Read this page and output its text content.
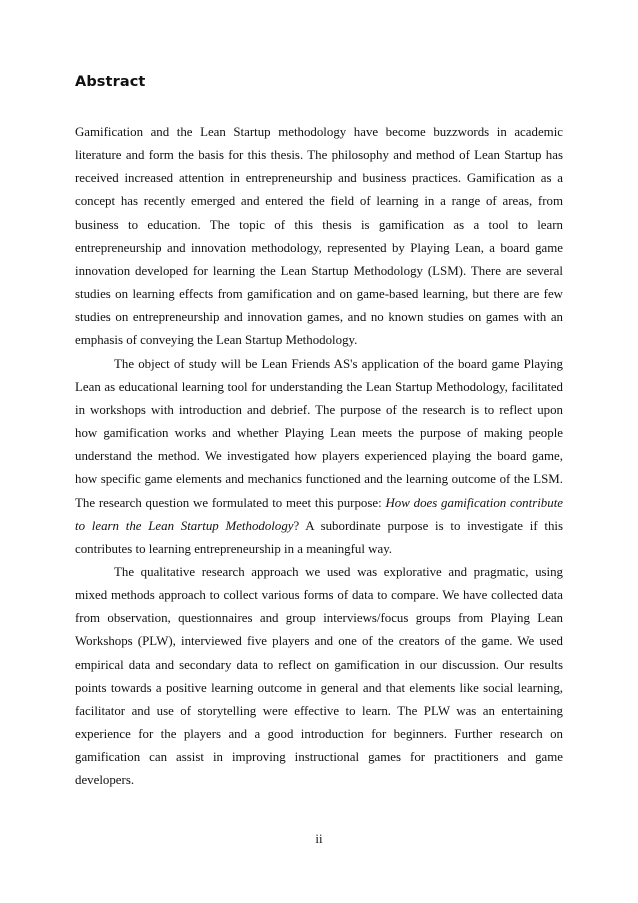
Abstract

Gamification and the Lean Startup methodology have become buzzwords in academic literature and form the basis for this thesis. The philosophy and method of Lean Startup has received increased attention in entrepreneurship and business practices. Gamification as a concept has recently emerged and entered the field of learning in a range of areas, from business to education. The topic of this thesis is gamification as a tool to learn entrepreneurship and innovation methodology, represented by Playing Lean, a board game innovation developed for learning the Lean Startup Methodology (LSM). There are several studies on learning effects from gamification and on game-based learning, but there are few studies on entrepreneurship and innovation games, and no known studies on games with an emphasis of conveying the Lean Startup Methodology.

The object of study will be Lean Friends AS's application of the board game Playing Lean as educational learning tool for understanding the Lean Startup Methodology, facilitated in workshops with introduction and debrief. The purpose of the research is to reflect upon how gamification works and whether Playing Lean meets the purpose of making people understand the method. We investigated how players experienced playing the board game, how specific game elements and mechanics functioned and the learning outcome of the LSM. The research question we formulated to meet this purpose: How does gamification contribute to learn the Lean Startup Methodology? A subordinate purpose is to investigate if this contributes to learning entrepreneurship in a meaningful way.

The qualitative research approach we used was explorative and pragmatic, using mixed methods approach to collect various forms of data to compare. We have collected data from observation, questionnaires and group interviews/focus groups from Playing Lean Workshops (PLW), interviewed five players and one of the creators of the game. We used empirical data and secondary data to reflect on gamification in our discussion. Our results points towards a positive learning outcome in general and that elements like social learning, facilitator and use of storytelling were effective to learn. The PLW was an entertaining experience for the players and a good introduction for beginners. Further research on gamification can assist in improving instructional games for practitioners and game developers.

ii
